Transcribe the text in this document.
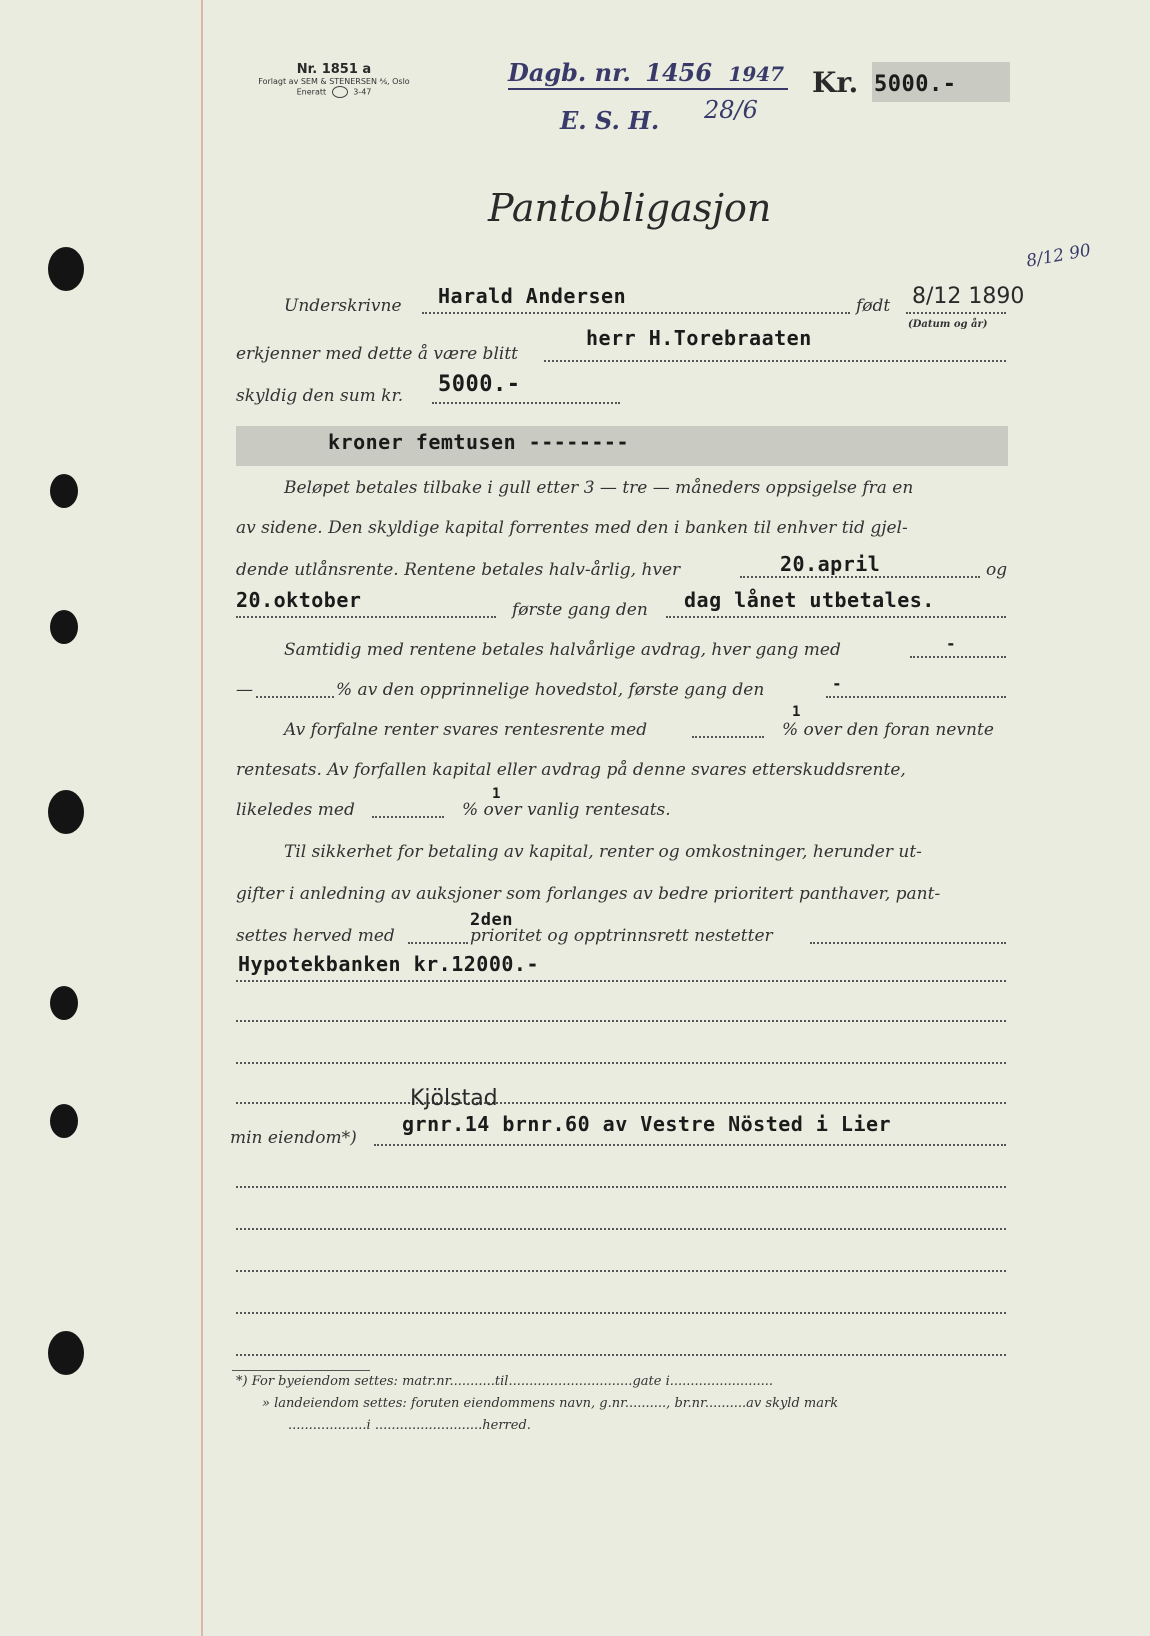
Nr. 1851 a
Forlagt av SEM & STENERSEN ⅍, Oslo
Eneratt	3-47
Dagb. nr. 1456 1947
E. S. H. 28/6
Kr. 5000.-
Pantobligasjon
8/12 90
Underskrivne Harald Andersen	født 8/12 1890
(Datum og år)
erkjenner med dette å være blitt
herr H.Torebraaten
skyldig den sum kr. 5000.-
kroner femtusen --------
Beløpet betales tilbake i gull etter 3 — tre — måneders oppsigelse fra en
av sidene. Den skyldige kapital forrentes med den i banken til enhver tid gjel-
dende utlånsrente. Rentene betales halv-årlig, hver	20.april	og
20.oktober	første gang den dag lånet utbetales.
Samtidig med rentene betales halvårlige avdrag, hver gang med	-
—	% av den opprinnelige hovedstol, første gang den	-
Av forfalne renter svares rentesrente med
1
% over den foran nevnte
rentesats. Av forfallen kapital eller avdrag på denne svares etterskuddsrente,
likeledes med
1
% over vanlig rentesats.
Til sikkerhet for betaling av kapital, renter og omkostninger, herunder ut-
gifter i anledning av auksjoner som forlanges av bedre prioritert panthaver, pant-
settes herved med
2den
prioritet og opptrinnsrett nestetter
Hypotekbanken kr.12000.-
Kjölstad
min eiendom*)
grnr.14 brnr.60 av Vestre Nösted i Lier
*) For byeiendom settes: matr.nr...........til..............................gate i.........................
» landeiendom settes: foruten eiendommens navn, g.nr.........., br.nr..........av skyld mark
...................i ..........................herred.
